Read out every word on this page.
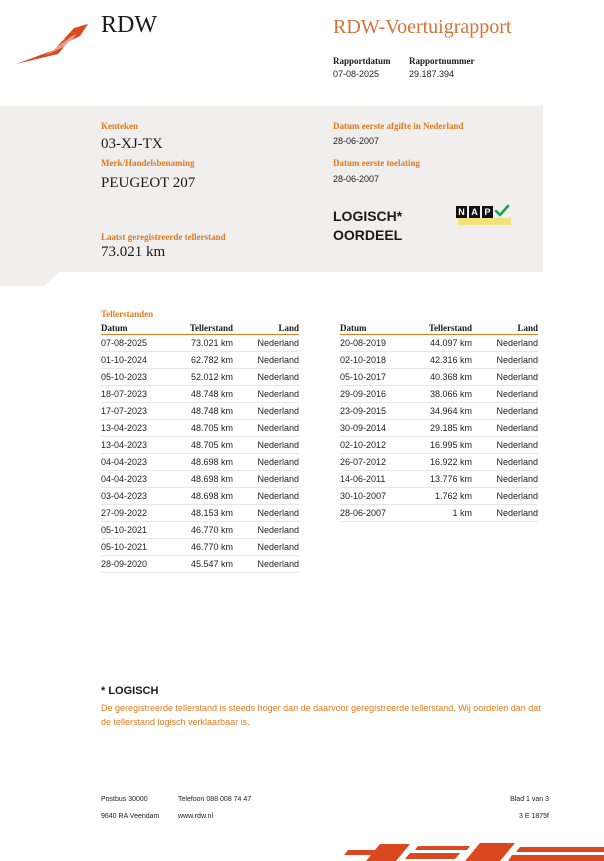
RDW	RDW-Voertuigrapport
Rapportdatum
07-08-2025
Rapportnummer
29.187.394
Kenteken
03-XJ-TX
Merk/Handelsbenaming
PEUGEOT 207
Laatst geregistreerde tellerstand
73.021 km
Datum eerste afgifte in Nederland
28-06-2007
Datum eerste toelating
28-06-2007
LOGISCH*
OORDEEL
N A P
Tellerstanden
Datum	Tellerstand	Land
07-08-2025	73.021 km	Nederland
01-10-2024	62.782 km	Nederland
05-10-2023	52.012 km	Nederland
18-07-2023	48.748 km	Nederland
17-07-2023	48.748 km	Nederland
13-04-2023	48.705 km	Nederland
13-04-2023	48.705 km	Nederland
04-04-2023	48.698 km	Nederland
04-04-2023	48.698 km	Nederland
03-04-2023	48.698 km	Nederland
27-09-2022	48.153 km	Nederland
05-10-2021	46.770 km	Nederland
05-10-2021	46.770 km	Nederland
28-09-2020	45.547 km	Nederland
Datum	Tellerstand	Land
20-08-2019	44.097 km	Nederland
02-10-2018	42.316 km	Nederland
05-10-2017	40.368 km	Nederland
29-09-2016	38.066 km	Nederland
23-09-2015	34.964 km	Nederland
30-09-2014	29.185 km	Nederland
02-10-2012	16.995 km	Nederland
26-07-2012	16.922 km	Nederland
14-06-2011	13.776 km	Nederland
30-10-2007	1.762 km	Nederland
28-06-2007	1 km	Nederland
* LOGISCH
De geregistreerde tellerstand is steeds hoger dan de daarvoor geregistreerde tellerstand. Wij oordelen dan dat de tellerstand logisch verklaarbaar is.
Postbus 30000
9640 RA Veendam
Telefoon 088 008 74 47
www.rdw.nl
Blad 1 van 3
3 E 1875f
